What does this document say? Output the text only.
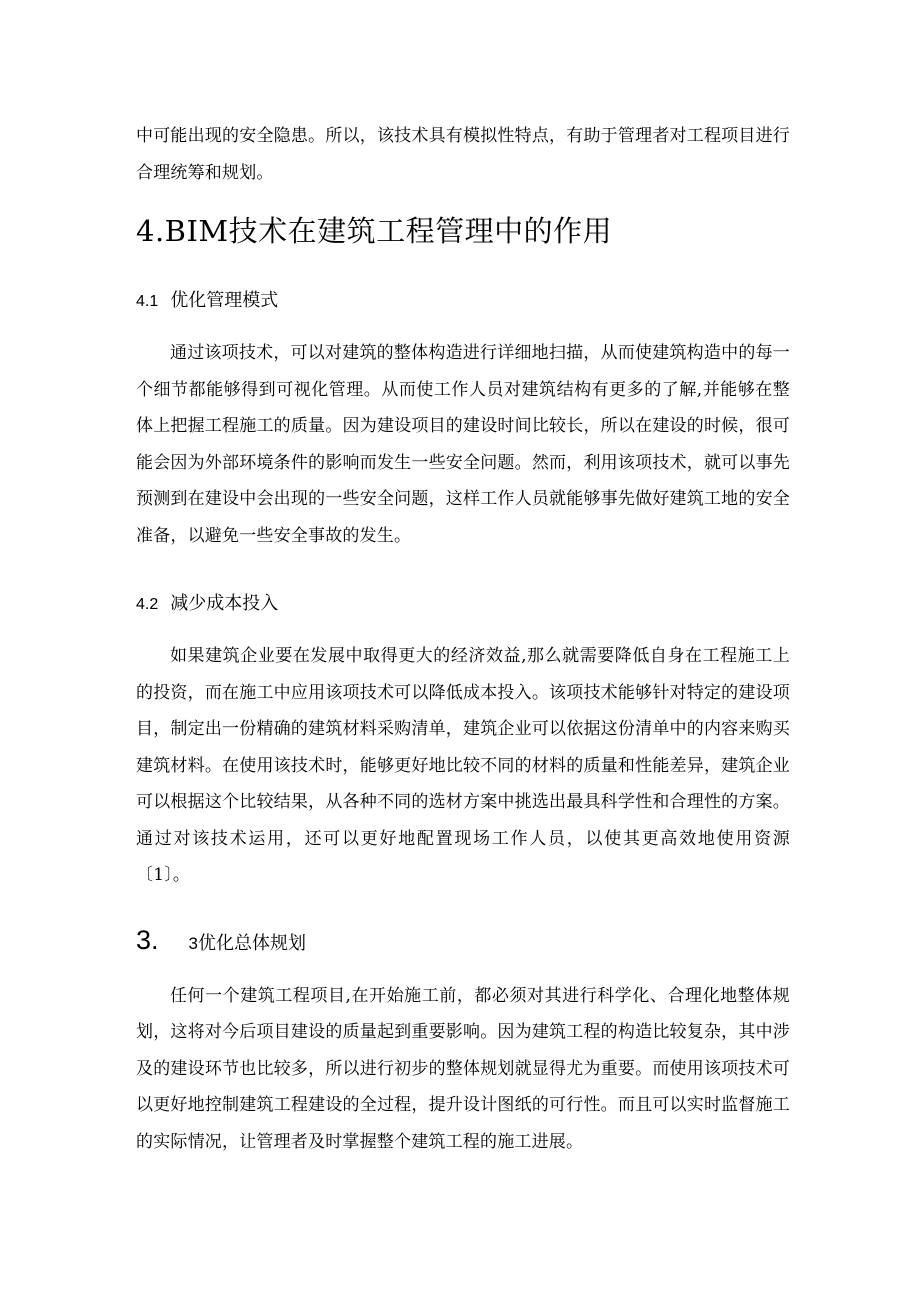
中可能出现的安全隐患。所以，该技术具有模拟性特点，有助于管理者对工程项目进行合理统筹和规划。

4.BIM技术在建筑工程管理中的作用
4.1 优化管理模式

通过该项技术，可以对建筑的整体构造进行详细地扫描，从而使建筑构造中的每一个细节都能够得到可视化管理。从而使工作人员对建筑结构有更多的了解,并能够在整体上把握工程施工的质量。因为建设项目的建设时间比较长，所以在建设的时候，很可能会因为外部环境条件的影响而发生一些安全问题。然而，利用该项技术，就可以事先预测到在建设中会出现的一些安全问题，这样工作人员就能够事先做好建筑工地的安全准备，以避免一些安全事故的发生。

4.2 减少成本投入

如果建筑企业要在发展中取得更大的经济效益,那么就需要降低自身在工程施工上的投资，而在施工中应用该项技术可以降低成本投入。该项技术能够针对特定的建设项目，制定出一份精确的建筑材料采购清单，建筑企业可以依据这份清单中的内容来购买建筑材料。在使用该技术时，能够更好地比较不同的材料的质量和性能差异，建筑企业可以根据这个比较结果，从各种不同的选材方案中挑选出最具科学性和合理性的方案。通过对该技术运用，还可以更好地配置现场工作人员，以使其更高效地使用资源〔1〕。

3. 3优化总体规划

任何一个建筑工程项目,在开始施工前，都必须对其进行科学化、合理化地整体规划，这将对今后项目建设的质量起到重要影响。因为建筑工程的构造比较复杂，其中涉及的建设环节也比较多，所以进行初步的整体规划就显得尤为重要。而使用该项技术可以更好地控制建筑工程建设的全过程，提升设计图纸的可行性。而且可以实时监督施工的实际情况，让管理者及时掌握整个建筑工程的施工进展。
